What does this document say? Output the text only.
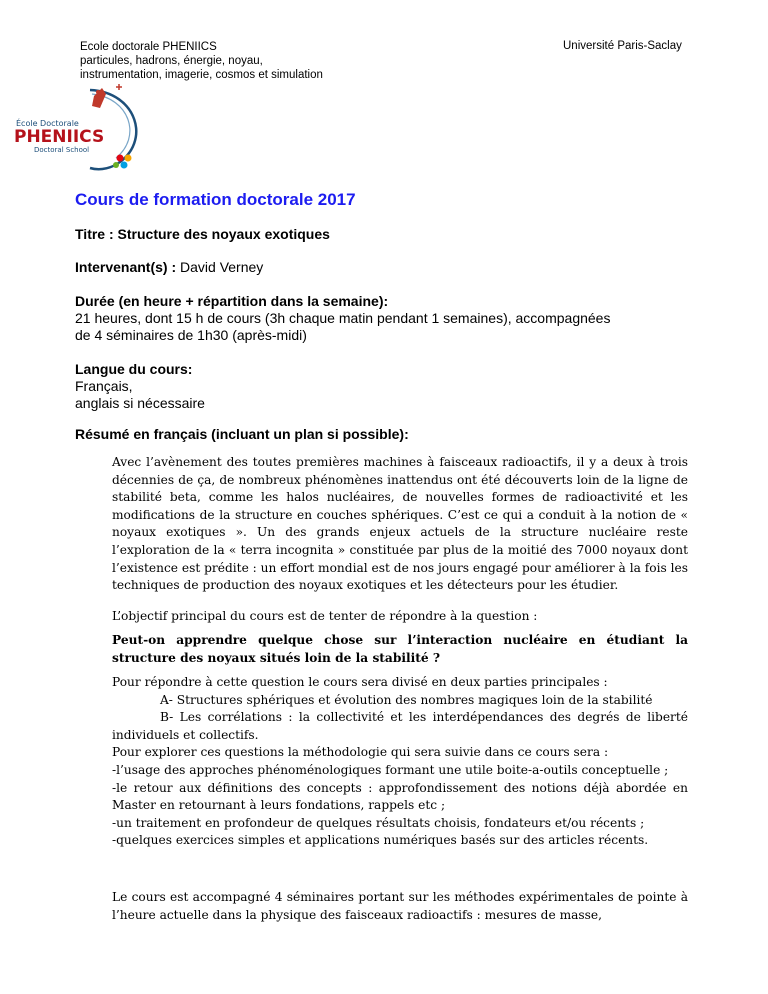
Ecole doctorale PHENIICS
particules, hadrons, énergie, noyau,
instrumentation, imagerie, cosmos et simulation
Université Paris-Saclay
École Doctorale
PHENIICS
Doctoral School
Cours de formation doctorale 2017
Titre : Structure des noyaux exotiques
Intervenant(s) : David Verney
Durée (en heure + répartition dans la semaine):
21 heures, dont 15 h de cours (3h chaque matin pendant 1 semaines), accompagnées
de 4 séminaires de 1h30 (après-midi)
Langue du cours:
Français,
anglais si nécessaire
Résumé en français (incluant un plan si possible):

Avec l’avènement des toutes premières machines à faisceaux radioactifs, il y a deux à trois décennies de ça, de nombreux phénomènes inattendus ont été découverts loin de la ligne de stabilité beta, comme les halos nucléaires, de nouvelles formes de radioactivité et les modifications de la structure en couches sphériques. C’est ce qui a conduit à la notion de « noyaux exotiques ». Un des grands enjeux actuels de la structure nucléaire reste l’exploration de la « terra incognita » constituée par plus de la moitié des 7000 noyaux dont l’existence est prédite : un effort mondial est de nos jours engagé pour améliorer à la fois les techniques de production des noyaux exotiques et les détecteurs pour les étudier.

L’objectif principal du cours est de tenter de répondre à la question :

Peut-on apprendre quelque chose sur l’interaction nucléaire en étudiant la structure des noyaux situés loin de la stabilité ?

Pour répondre à cette question le cours sera divisé en deux parties principales :

A- Structures sphériques et évolution des nombres magiques loin de la stabilité

B- Les corrélations : la collectivité et les interdépendances des degrés de liberté individuels et collectifs.

Pour explorer ces questions la méthodologie qui sera suivie dans ce cours sera :

-l’usage des approches phénoménologiques formant une utile boite-a-outils conceptuelle ;

-le retour aux définitions des concepts : approfondissement des notions déjà abordée en Master en retournant à leurs fondations, rappels etc ;

-un traitement en profondeur de quelques résultats choisis, fondateurs et/ou récents ;

-quelques exercices simples et applications numériques basés sur des articles récents.

Le cours est accompagné 4 séminaires portant sur les méthodes expérimentales de pointe à l’heure actuelle dans la physique des faisceaux radioactifs : mesures de masse,
